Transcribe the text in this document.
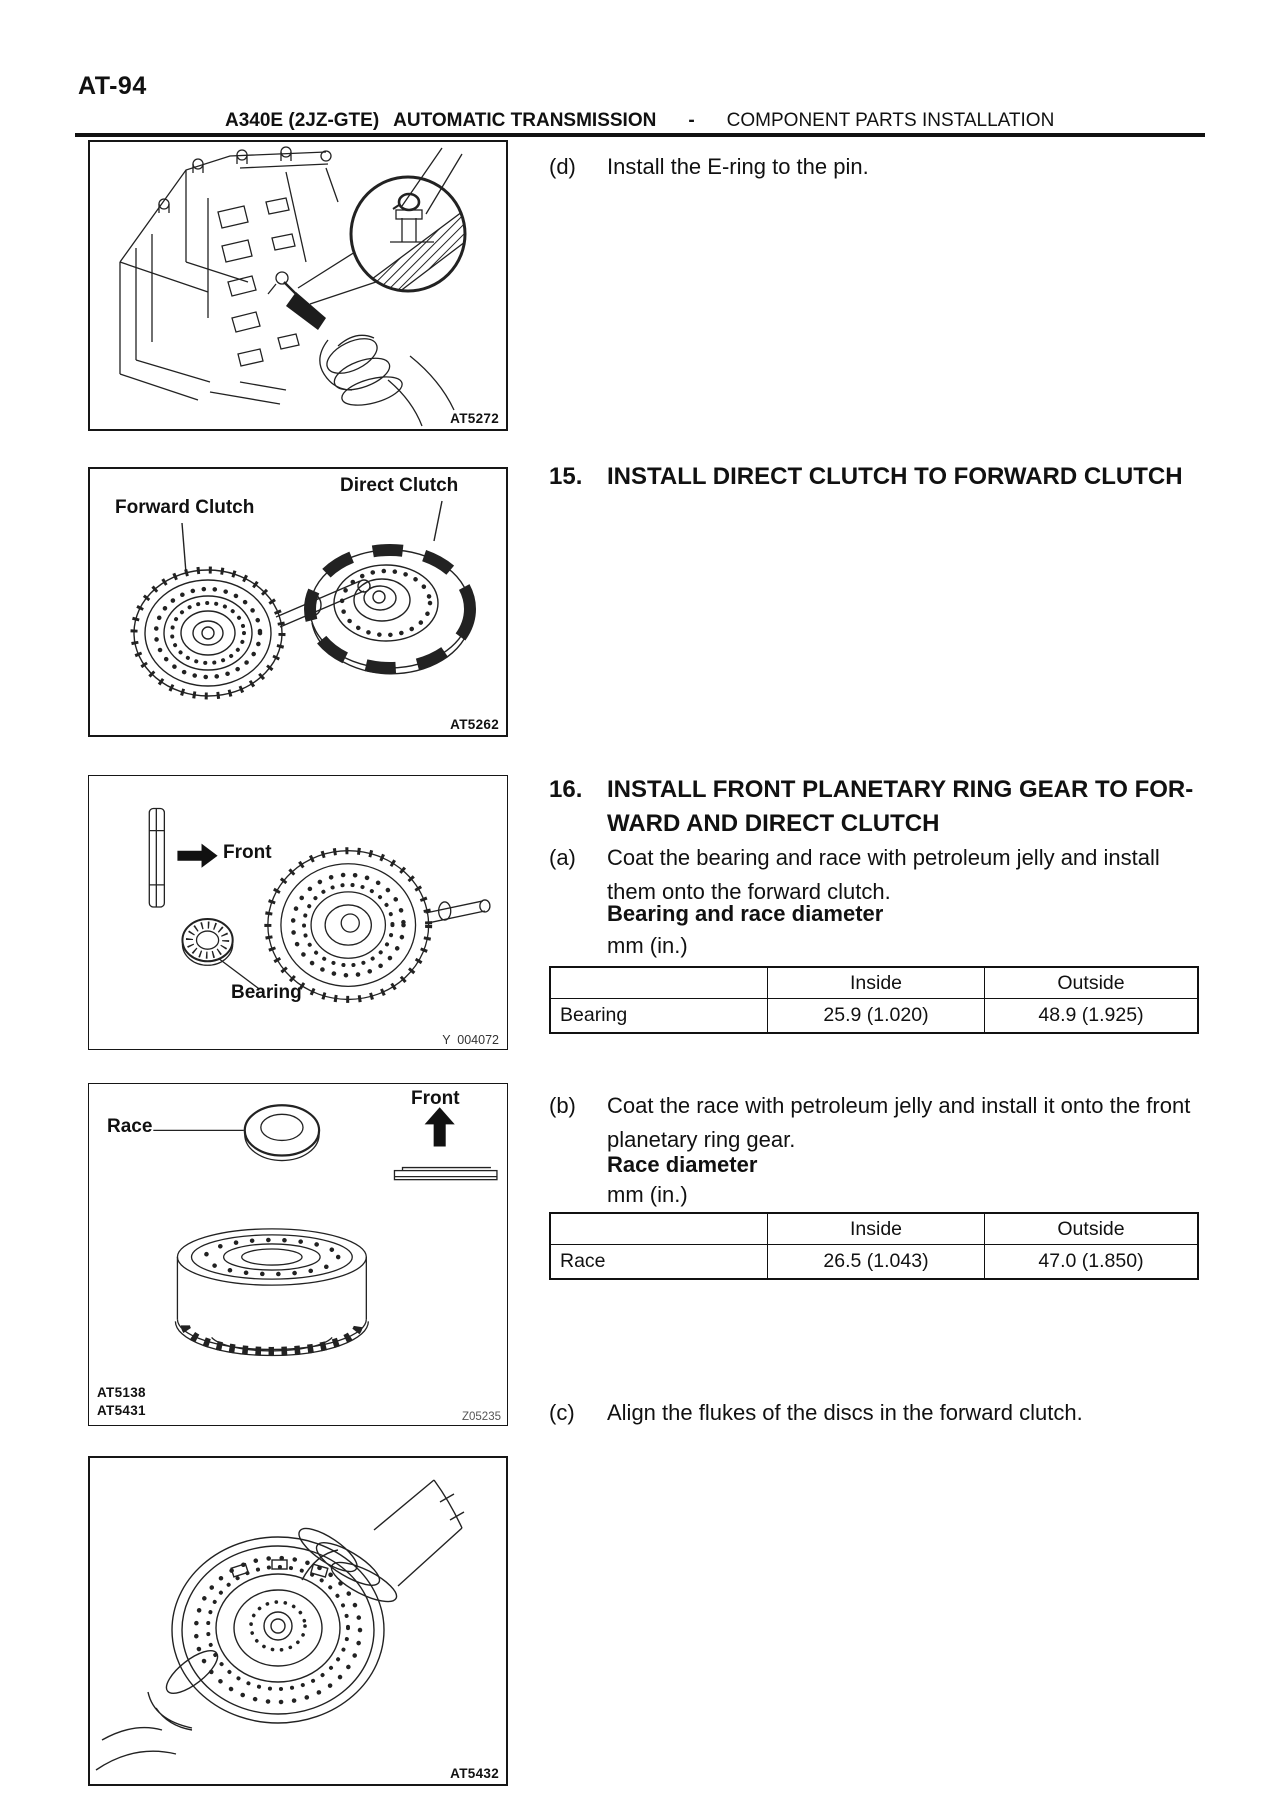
AT-94
A340E (2JZ-GTE) AUTOMATIC TRANSMISSION - COMPONENT PARTS INSTALLATION
AT5272
Forward Clutch
Direct Clutch
AT5262
Front
Bearing
Y  004072
Front
Race
AT5138
AT5431	Z05235
AT5432
(d)	Install the E-ring to the pin.
15.	INSTALL DIRECT CLUTCH TO FORWARD CLUTCH
16.	INSTALL FRONT PLANETARY RING GEAR TO FOR-
WARD AND DIRECT CLUTCH
(a)	Coat the bearing and race with petroleum jelly and install them onto the forward clutch.
Bearing and race diameter
mm (in.)
	Inside	Outside
Bearing	25.9 (1.020)	48.9 (1.925)
(b)	Coat the race with petroleum jelly and install it onto the front planetary ring gear.
Race diameter
mm (in.)
	Inside	Outside
Race	26.5 (1.043)	47.0 (1.850)
(c)	Align the flukes of the discs in the forward clutch.
